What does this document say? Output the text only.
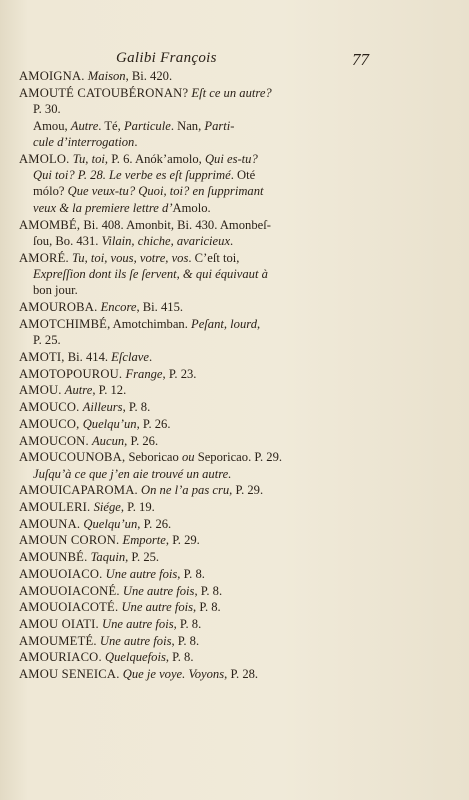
Galibi François	77
AMOIGNA. Maison, Bi. 420.
AMOUTÉ CATOUBÉRONAN? Eſt ce un autre?
P. 30.
Amou, Autre. Té, Particule. Nan, Parti-
cule d’interrogation.
AMOLO. Tu, toi, P. 6. Anók’amolo, Qui es-tu?
Qui toi? P. 28. Le verbe es eſt ſupprimé. Oté
mólo? Que veux-tu? Quoi, toi? en ſupprimant
veux & la premiere lettre d’Amolo.
AMOMBÉ, Bi. 408. Amonbit, Bi. 430. Amonbeſ-
ſou, Bo. 431. Vilain, chiche, avaricieux.
AMORÉ. Tu, toi, vous, votre, vos. C’eſt toi,
Expreſſion dont ils ſe ſervent, & qui équivaut à
bon jour.
AMOUROBA. Encore, Bi. 415.
AMOTCHIMBÉ, Amotchimban. Peſant, lourd,
P. 25.
AMOTI, Bi. 414. Eſclave.
AMOTOPOUROU. Frange, P. 23.
AMOU. Autre, P. 12.
AMOUCO. Ailleurs, P. 8.
AMOUCO, Quelqu’un, P. 26.
AMOUCON. Aucun, P. 26.
AMOUCOUNOBA, Seboricao ou Seporicao. P. 29.
Juſqu’à ce que j’en aie trouvé un autre.
AMOUICAPAROMA. On ne l’a pas cru, P. 29.
AMOULERI. Siége, P. 19.
AMOUNA. Quelqu’un, P. 26.
AMOUN CORON. Emporte, P. 29.
AMOUNBÉ. Taquin, P. 25.
AMOUOIACO. Une autre fois, P. 8.
AMOUOIACONÉ. Une autre fois, P. 8.
AMOUOIACOTÉ. Une autre fois, P. 8.
AMOU OIATI. Une autre fois, P. 8.
AMOUMETÉ. Une autre fois, P. 8.
AMOURIACO. Quelquefois, P. 8.
AMOU SENEICA. Que je voye. Voyons, P. 28.
